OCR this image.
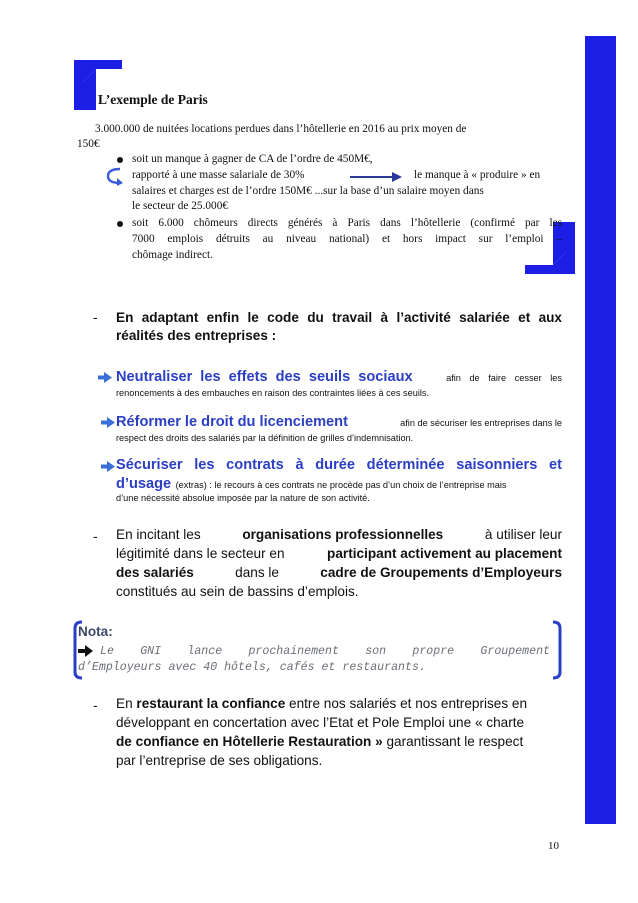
L’exemple de Paris
3.000.000 de nuitées locations perdues dans l’hôtellerie en 2016 au prix moyen de
150€
soit un manque à gagner de CA de l’ordre de 450M€,
rapporté à une masse salariale de 30%	le manque à « produire » en
salaires et charges est de l’ordre 150M€ ...sur la base d’un salaire moyen dans
le secteur de 25.000€
soit 6.000 chômeurs directs générés à Paris dans l’hôtellerie (confirmé par les
7000 emplois détruits au niveau national) et hors impact sur l’emploi –
chômage indirect.
- En adaptant enfin le code du travail à l’activité salariée et aux
réalités des entreprises :
Neutraliser les effets des seuils sociaux	afin de faire cesser les
renoncements à des embauches en raison des contraintes liées à ces seuils.
Réformer le droit du licenciement	afin de sécuriser les entreprises dans le
respect des droits des salariés par la définition de grilles d’indemnisation.
Sécuriser les contrats à durée déterminée saisonniers et
d’usage (extras) : le recours à ces contrats ne procède pas d’un choix de l’entreprise mais
d’une nécessité absolue imposée par la nature de son activité.
- En incitant les	organisations professionnelles	à utiliser leur
légitimité dans le secteur en	participant activement au placement
des salariés	dans le	cadre de Groupements d’Employeurs
constitués au sein de bassins d’emplois.
Nota:
Le GNI lance prochainement son propre Groupement
d’Employeurs avec 40 hôtels, cafés et restaurants.
- En restaurant la confiance entre nos salariés et nos entreprises en
développant en concertation avec l’Etat et Pole Emploi une « charte
de confiance en Hôtellerie Restauration » garantissant le respect
par l’entreprise de ses obligations.
10
